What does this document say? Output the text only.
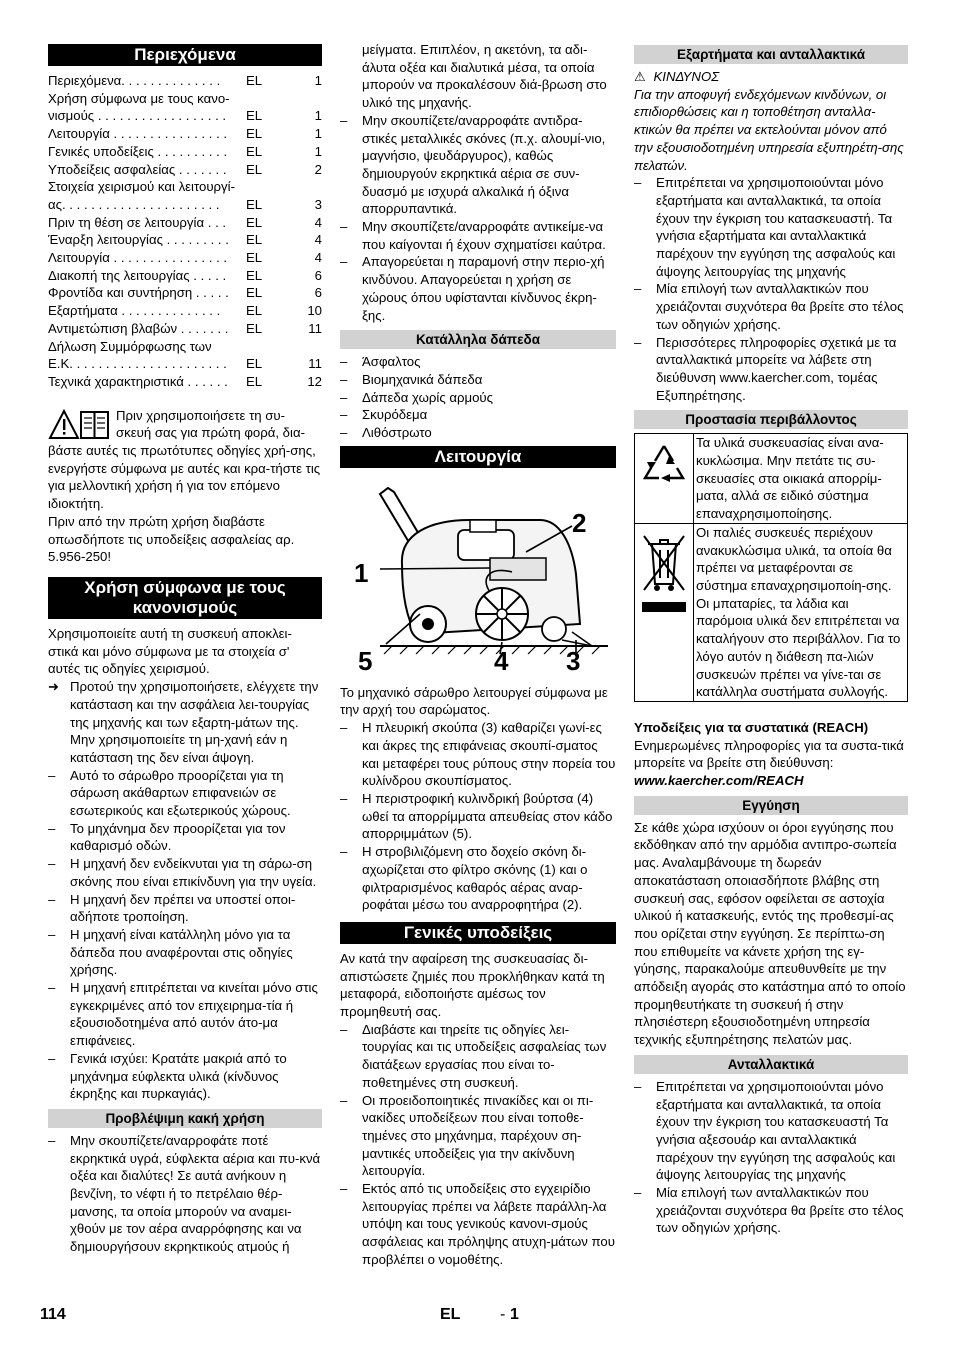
Περιεχόμενα
Περιεχόμενα. . . . . . . . . . . . . .	EL	1
Χρήση σύμφωνα με τους κανο-
νισμούς . . . . . . . . . . . . . . . . . .	EL	1
Λειτουργία . . . . . . . . . . . . . . . .	EL	1
Γενικές υποδείξεις . . . . . . . . . .	EL	1
Υποδείξεις ασφαλείας . . . . . . .	EL	2
Στοιχεία χειρισμού και λειτουργί-
ας. . . . . . . . . . . . . . . . . . . . . .	EL	3
Πριν τη θέση σε λειτουργία . . .	EL	4
Έναρξη λειτουργίας . . . . . . . . .	EL	4
Λειτουργία . . . . . . . . . . . . . . . .	EL	4
Διακοπή της λειτουργίας . . . . .	EL	6
Φροντίδα και συντήρηση . . . . .	EL	6
Εξαρτήματα . . . . . . . . . . . . . .	EL	10
Αντιμετώπιση βλαβών . . . . . . .	EL	11
Δήλωση Συμμόρφωσης των
Ε.Κ. . . . . . . . . . . . . . . . . . . . . .	EL	11
Τεχνικά χαρακτηριστικά . . . . . .	EL	12

Πριν χρησιμοποιήσετε τη συ-

σκευή σας για πρώτη φορά, δια-

βάστε αυτές τις πρωτότυπες οδηγίες χρή-σης, ενεργήστε σύμφωνα με αυτές και κρα-τήστε τις για μελλοντική χρήση ή για τον επόμενο ιδιοκτήτη.

Πριν από την πρώτη χρήση διαβάστε οπωσδήποτε τις υποδείξεις ασφαλείας αρ. 5.956-250!

Χρήση σύμφωνα με τους
κανονισμούς

Χρησιμοποιείτε αυτή τη συσκευή αποκλει-στικά και μόνο σύμφωνα με τα στοιχεία σ' αυτές τις οδηγίες χειρισμού.

➜ Προτού την χρησιμοποιήσετε, ελέγχετε την κατάσταση και την ασφάλεια λει-τουργίας της μηχανής και των εξαρτη-μάτων της. Μην χρησιμοποιείτε τη μη-χανή εάν η κατάσταση της δεν είναι άψογη.
– Αυτό το σάρωθρο προορίζεται για τη σάρωση ακάθαρτων επιφανειών σε εσωτερικούς και εξωτερικούς χώρους.
– Το μηχάνημα δεν προορίζεται για τον καθαρισμό οδών.
– Η μηχανή δεν ενδείκνυται για τη σάρω-ση σκόνης που είναι επικίνδυνη για την υγεία.
– Η μηχανή δεν πρέπει να υποστεί οποι-αδήποτε τροποίηση.
– Η μηχανή είναι κατάλληλη μόνο για τα δάπεδα που αναφέρονται στις οδηγίες χρήσης.
– Η μηχανή επιτρέπεται να κινείται μόνο στις εγκεκριμένες από τον επιχειρημα-τία ή εξουσιοδοτημένα από αυτόν άτο-μα επιφάνειες.
– Γενικά ισχύει: Κρατάτε μακριά από το μηχάνημα εύφλεκτα υλικά (κίνδυνος έκρηξης και πυρκαγιάς).
Προβλέψιμη κακή χρήση
– Μην σκουπίζετε/αναρροφάτε ποτέ εκρηκτικά υγρά, εύφλεκτα αέρια και πυ-κνά οξέα και διαλύτες! Σε αυτά ανήκουν η βενζίνη, το νέφτι ή το πετρέλαιο θέρ-μανσης, τα οποία μπορούν να αναμει-χθούν με τον αέρα αναρρόφησης και να δημιουργήσουν εκρηκτικούς ατμούς ή
μείγματα. Επιπλέον, η ακετόνη, τα αδι-άλυτα οξέα και διαλυτικά μέσα, τα οποία μπορούν να προκαλέσουν διά-βρωση στο υλικό της μηχανής.
– Μην σκουπίζετε/αναρροφάτε αντιδρα-στικές μεταλλικές σκόνες (π.χ. αλουμί-νιο, μαγνήσιο, ψευδάργυρος), καθώς δημιουργούν εκρηκτικά αέρια σε συν-δυασμό με ισχυρά αλκαλικά ή όξινα απορρυπαντικά.
– Μην σκουπίζετε/αναρροφάτε αντικείμε-να που καίγονται ή έχουν σχηματίσει καύτρα.
– Απαγορεύεται η παραμονή στην περιο-χή κινδύνου. Απαγορεύεται η χρήση σε χώρους όπου υφίστανται κίνδυνος έκρη-ξης.
Κατάλληλα δάπεδα
– Άσφαλτος
– Βιομηχανικά δάπεδα
– Δάπεδα χωρίς αρμούς
– Σκυρόδεμα
– Λιθόστρωτο
Λειτουργία
2
1
5	4 3

Το μηχανικό σάρωθρο λειτουργεί σύμφωνα με την αρχή του σαρώματος.

– Η πλευρική σκούπα (3) καθαρίζει γωνί-ες και άκρες της επιφάνειας σκουπί-σματος και μεταφέρει τους ρύπους στην πορεία του κυλίνδρου σκουπίσματος.
– Η περιστροφική κυλινδρική βούρτσα (4) ωθεί τα απορρίμματα απευθείας στον κάδο απορριμμάτων (5).
– Η στροβιλιζόμενη στο δοχείο σκόνη δι-αχωρίζεται στο φίλτρο σκόνης (1) και ο φιλτραρισμένος καθαρός αέρας αναρ-ροφάται μέσω του αναρροφητήρα (2).
Γενικές υποδείξεις

Αν κατά την αφαίρεση της συσκευασίας δι-απιστώσετε ζημιές που προκλήθηκαν κατά τη μεταφορά, ειδοποιήστε αμέσως τον προμηθευτή σας.

– Διαβάστε και τηρείτε τις οδηγίες λει-τουργίας και τις υποδείξεις ασφαλείας των διατάξεων εργασίας που είναι το-ποθετημένες στη συσκευή.
– Οι προειδοποιητικές πινακίδες και οι πι-νακίδες υποδείξεων που είναι τοποθε-τημένες στο μηχάνημα, παρέχουν ση-μαντικές υποδείξεις για την ακίνδυνη λειτουργία.
– Εκτός από τις υποδείξεις στο εγχειρίδιο λειτουργίας πρέπει να λάβετε παράλλη-λα υπόψη και τους γενικούς κανονι-σμούς ασφάλειας και πρόληψης ατυχη-μάτων που προβλέπει ο νομοθέτης.
Εξαρτήματα και ανταλλακτικά

⚠ ΚΙΝΔΥΝΟΣ

Για την αποφυγή ενδεχόμενων κινδύνων, οι επιδιορθώσεις και η τοποθέτηση ανταλλα-κτικών θα πρέπει να εκτελούνται μόνον από την εξουσιοδοτημένη υπηρεσία εξυπηρέτη-σης πελατών.

– Επιτρέπεται να χρησιμοποιούνται μόνο εξαρτήματα και ανταλλακτικά, τα οποία έχουν την έγκριση του κατασκευαστή. Τα γνήσια εξαρτήματα και ανταλλακτικά παρέχουν την εγγύηση της ασφαλούς και άψογης λειτουργίας της μηχανής
– Μία επιλογή των ανταλλακτικών που χρειάζονται συχνότερα θα βρείτε στο τέλος των οδηγιών χρήσης.
– Περισσότερες πληροφορίες σχετικά με τα ανταλλακτικά μπορείτε να λάβετε στη διεύθυνση www.kaercher.com, τομέας Εξυπηρέτησης.
Προστασία περιβάλλοντος
	Τα υλικά συσκευασίας είναι ανα-κυκλώσιμα. Μην πετάτε τις συ-σκευασίες στα οικιακά απορρίμ-ματα, αλλά σε ειδικό σύστημα επαναχρησιμοποίησης.
	Οι παλιές συσκευές περιέχουν ανακυκλώσιμα υλικά, τα οποία θα πρέπει να μεταφέρονται σε σύστημα επαναχρησιμοποίη-σης. Οι μπαταρίες, τα λάδια και παρόμοια υλικά δεν επιτρέπεται να καταλήγουν στο περιβάλλον. Για το λόγο αυτόν η διάθεση πα-λιών συσκευών πρέπει να γίνε-ται σε κατάλληλα συστήματα συλλογής.

Υποδείξεις για τα συστατικά (REACH)

Ενημερωμένες πληροφορίες για τα συστα-τικά μπορείτε να βρείτε στη διεύθυνση:

www.kaercher.com/REACH

Εγγύηση

Σε κάθε χώρα ισχύουν οι όροι εγγύησης που εκδόθηκαν από την αρμόδια αντιπρο-σωπεία μας. Αναλαμβάνουμε τη δωρεάν αποκατάσταση οποιασδήποτε βλάβης στη συσκευή σας, εφόσον οφείλεται σε αστοχία υλικού ή κατασκευής, εντός της προθεσμί-ας που ορίζεται στην εγγύηση. Σε περίπτω-ση που επιθυμείτε να κάνετε χρήση της εγ-γύησης, παρακαλούμε απευθυνθείτε με την απόδειξη αγοράς στο κατάστημα από το οποίο προμηθευτήκατε τη συσκευή ή στην πλησιέστερη εξουσιοδοτημένη υπηρεσία τεχνικής εξυπηρέτησης πελατών μας.

Ανταλλακτικά
– Επιτρέπεται να χρησιμοποιούνται μόνο εξαρτήματα και ανταλλακτικά, τα οποία έχουν την έγκριση του κατασκευαστή Τα γνήσια αξεσουάρ και ανταλλακτικά παρέχουν την εγγύηση της ασφαλούς και άψογης λειτουργίας της μηχανής
– Μία επιλογή των ανταλλακτικών που χρειάζονται συχνότερα θα βρείτε στο τέλος των οδηγιών χρήσης.
114	EL - 1
